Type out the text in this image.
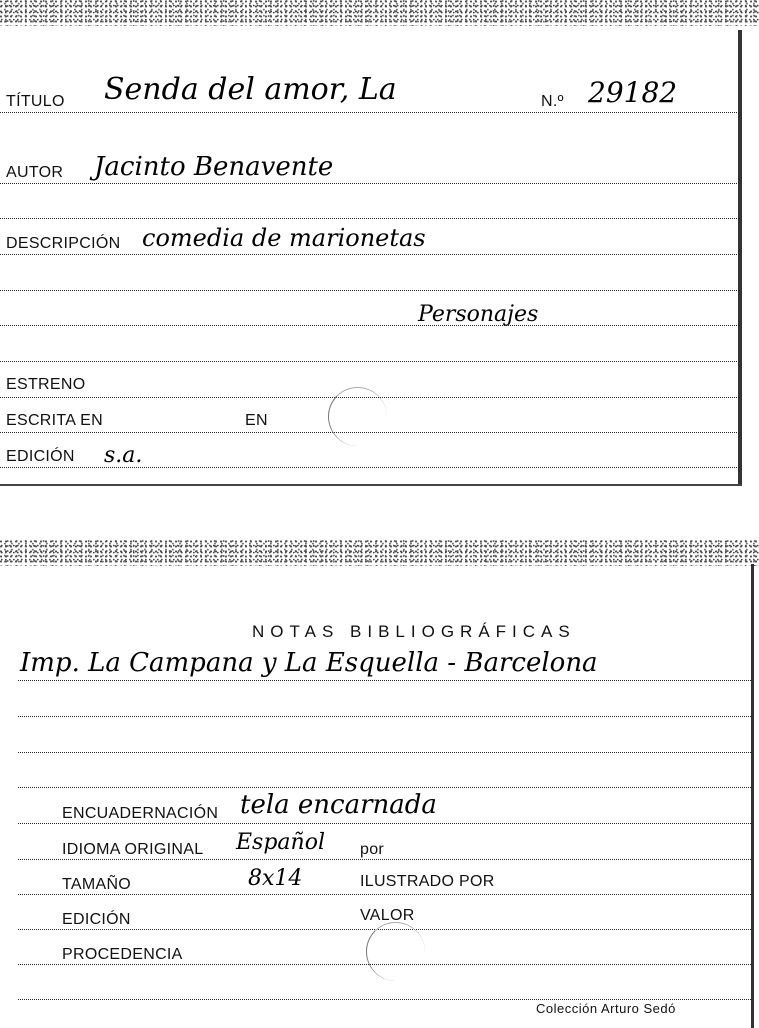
TÍTULO Senda del amor, La	N.º 29182
AUTOR Jacinto Benavente
DESCRIPCIÓN comedia de marionetas
Personajes
ESTRENO
ESCRITA EN	EN
EDICIÓN s.a.
NOTAS BIBLIOGRÁFICAS
Imp. La Campana y La Esquella - Barcelona
ENCUADERNACIÓN tela encarnada
IDIOMA ORIGINAL Español por
TAMAÑO	8x14	ILUSTRADO POR
EDICIÓN	VALOR
PROCEDENCIA
Colección Arturo Sedó
